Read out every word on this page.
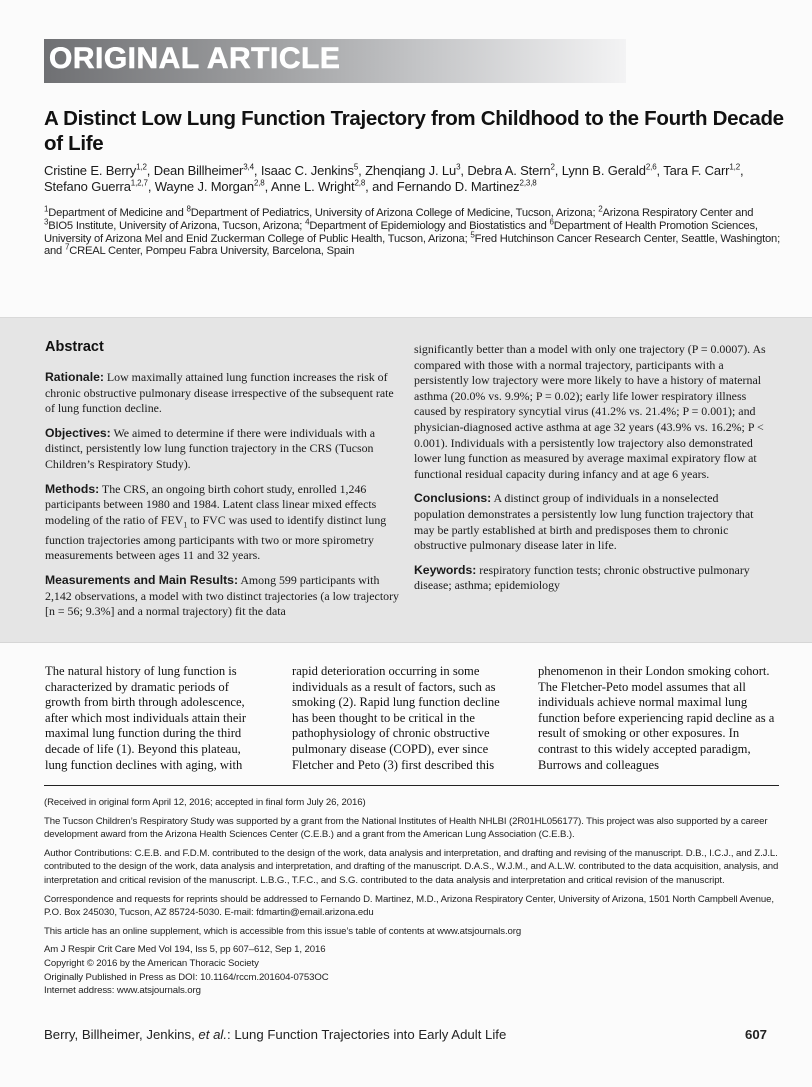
ORIGINAL ARTICLE
A Distinct Low Lung Function Trajectory from Childhood to the Fourth Decade of Life
Cristine E. Berry$^{1,2}$, Dean Billheimer$^{3,4}$, Isaac C. Jenkins$^5$, Zhenqiang J. Lu$^3$, Debra A. Stern$^2$, Lynn B. Gerald$^{2,6}$, Tara F. Carr$^{1,2}$, Stefano Guerra$^{1,2,7}$, Wayne J. Morgan$^{2,8}$, Anne L. Wright$^{2,8}$, and Fernando D. Martinez$^{2,3,8}$
$^1$Department of Medicine and $^8$Department of Pediatrics, University of Arizona College of Medicine, Tucson, Arizona; $^2$Arizona Respiratory Center and $^3$BIO5 Institute, University of Arizona, Tucson, Arizona; $^4$Department of Epidemiology and Biostatistics and $^6$Department of Health Promotion Sciences, University of Arizona Mel and Enid Zuckerman College of Public Health, Tucson, Arizona; $^5$Fred Hutchinson Cancer Research Center, Seattle, Washington; and $^7$CREAL Center, Pompeu Fabra University, Barcelona, Spain
Abstract

Rationale: Low maximally attained lung function increases the risk of chronic obstructive pulmonary disease irrespective of the subsequent rate of lung function decline.

Objectives: We aimed to determine if there were individuals with a distinct, persistently low lung function trajectory in the CRS (Tucson Children’s Respiratory Study).

Methods: The CRS, an ongoing birth cohort study, enrolled 1,246 participants between 1980 and 1984. Latent class linear mixed effects modeling of the ratio of $FEV_1$ to FVC was used to identify distinct lung function trajectories among participants with two or more spirometry measurements between ages 11 and 32 years.

Measurements and Main Results: Among 599 participants with 2,142 observations, a model with two distinct trajectories (a low trajectory [n = 56; 9.3%] and a normal trajectory) fit the data

significantly better than a model with only one trajectory (P = 0.0007). As compared with those with a normal trajectory, participants with a persistently low trajectory were more likely to have a history of maternal asthma (20.0% vs. 9.9%; P = 0.02); early life lower respiratory illness caused by respiratory syncytial virus (41.2% vs. 21.4%; P = 0.001); and physician-diagnosed active asthma at age 32 years (43.9% vs. 16.2%; P < 0.001). Individuals with a persistently low trajectory also demonstrated lower lung function as measured by average maximal expiratory flow at functional residual capacity during infancy and at age 6 years.

Conclusions: A distinct group of individuals in a nonselected population demonstrates a persistently low lung function trajectory that may be partly established at birth and predisposes them to chronic obstructive pulmonary disease later in life.

Keywords: respiratory function tests; chronic obstructive pulmonary disease; asthma; epidemiology

The natural history of lung function is characterized by dramatic periods of growth from birth through adolescence, after which most individuals attain their maximal lung function during the third decade of life (1). Beyond this plateau, lung function declines with aging, with

rapid deterioration occurring in some individuals as a result of factors, such as smoking (2). Rapid lung function decline has been thought to be critical in the pathophysiology of chronic obstructive pulmonary disease (COPD), ever since Fletcher and Peto (3) first described this

phenomenon in their London smoking cohort. The Fletcher-Peto model assumes that all individuals achieve normal maximal lung function before experiencing rapid decline as a result of smoking or other exposures. In contrast to this widely accepted paradigm, Burrows and colleagues

(Received in original form April 12, 2016; accepted in final form July 26, 2016)

The Tucson Children’s Respiratory Study was supported by a grant from the National Institutes of Health NHLBI (2R01HL056177). This project was also supported by a career development award from the Arizona Health Sciences Center (C.E.B.) and a grant from the American Lung Association (C.E.B.).

Author Contributions: C.E.B. and F.D.M. contributed to the design of the work, data analysis and interpretation, and drafting and revising of the manuscript. D.B., I.C.J., and Z.J.L. contributed to the design of the work, data analysis and interpretation, and drafting of the manuscript. D.A.S., W.J.M., and A.L.W. contributed to the data acquisition, analysis, and interpretation and critical revision of the manuscript. L.B.G., T.F.C., and S.G. contributed to the data analysis and interpretation and critical revision of the manuscript.

Correspondence and requests for reprints should be addressed to Fernando D. Martinez, M.D., Arizona Respiratory Center, University of Arizona, 1501 North Campbell Avenue, P.O. Box 245030, Tucson, AZ 85724-5030. E-mail: fdmartin@email.arizona.edu

This article has an online supplement, which is accessible from this issue’s table of contents at www.atsjournals.org

Am J Respir Crit Care Med Vol 194, Iss 5, pp 607–612, Sep 1, 2016

Copyright © 2016 by the American Thoracic Society

Originally Published in Press as DOI: 10.1164/rccm.201604-0753OC

Internet address: www.atsjournals.org

Berry, Billheimer, Jenkins, et al.: Lung Function Trajectories into Early Adult Life	607
